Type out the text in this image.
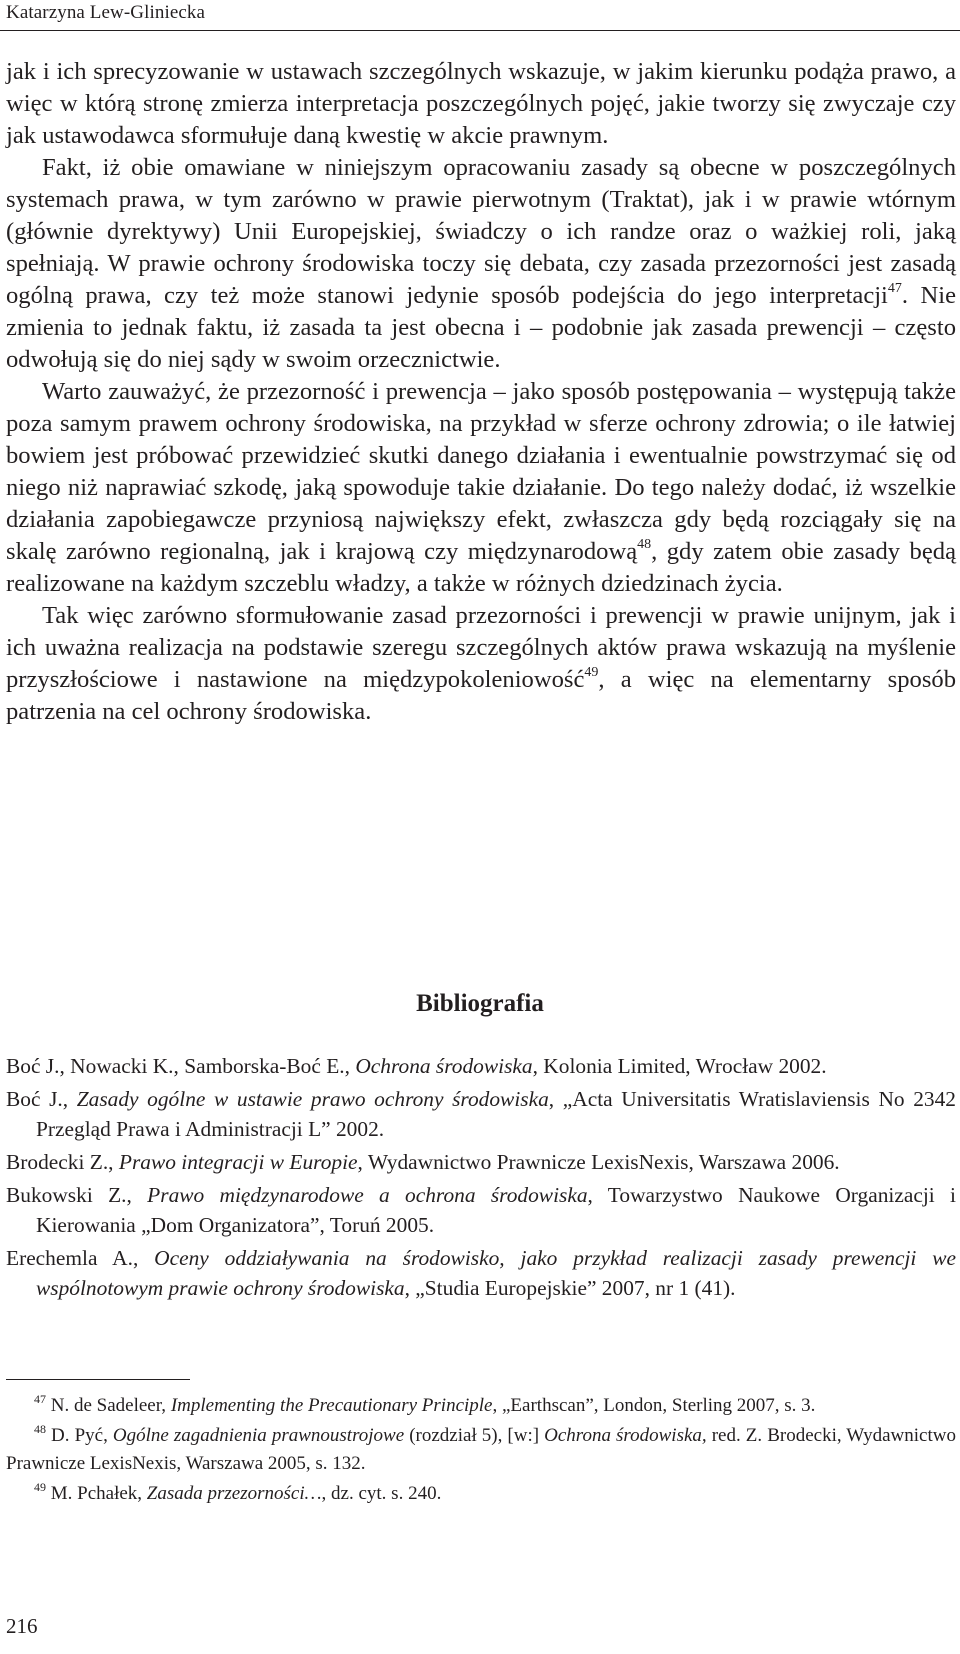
Katarzyna Lew-Gliniecka

jak i ich sprecyzowanie w ustawach szczególnych wskazuje, w jakim kierunku podąża prawo, a więc w którą stronę zmierza interpretacja poszczególnych pojęć, jakie tworzy się zwyczaje czy jak ustawodawca sformułuje daną kwestię w akcie prawnym.

Fakt, iż obie omawiane w niniejszym opracowaniu zasady są obecne w poszczególnych systemach prawa, w tym zarówno w prawie pierwotnym (Traktat), jak i w prawie wtórnym (głównie dyrektywy) Unii Europejskiej, świadczy o ich randze oraz o ważkiej roli, jaką spełniają. W prawie ochrony środowiska toczy się debata, czy zasada przezorności jest zasadą ogólną prawa, czy też może stanowi jedynie sposób podejścia do jego interpretacji$^{47}$. Nie zmienia to jednak faktu, iż zasada ta jest obecna i – podobnie jak zasada prewencji – często odwołują się do niej sądy w swoim orzecznictwie.

Warto zauważyć, że przezorność i prewencja – jako sposób postępowania – występują także poza samym prawem ochrony środowiska, na przykład w sferze ochrony zdrowia; o ile łatwiej bowiem jest próbować przewidzieć skutki danego działania i ewentualnie powstrzymać się od niego niż naprawiać szkodę, jaką spowoduje takie działanie. Do tego należy dodać, iż wszelkie działania zapobiegawcze przyniosą największy efekt, zwłaszcza gdy będą rozciągały się na skalę zarówno regionalną, jak i krajową czy międzynarodową$^{48}$, gdy zatem obie zasady będą realizowane na każdym szczeblu władzy, a także w różnych dziedzinach życia.

Tak więc zarówno sformułowanie zasad przezorności i prewencji w prawie unijnym, jak i ich uważna realizacja na podstawie szeregu szczególnych aktów prawa wskazują na myślenie przyszłościowe i nastawione na międzypokoleniowość$^{49}$, a więc na elementarny sposób patrzenia na cel ochrony środowiska.

Bibliografia
Boć J., Nowacki K., Samborska-Boć E., Ochrona środowiska, Kolonia Limited, Wrocław 2002.
Boć J., Zasady ogólne w ustawie prawo ochrony środowiska, „Acta Universitatis Wratislaviensis No 2342 Przegląd Prawa i Administracji L” 2002.
Brodecki Z., Prawo integracji w Europie, Wydawnictwo Prawnicze LexisNexis, Warszawa 2006.
Bukowski Z., Prawo międzynarodowe a ochrona środowiska, Towarzystwo Naukowe Organizacji i Kierowania „Dom Organizatora”, Toruń 2005.
Erechemla A., Oceny oddziaływania na środowisko, jako przykład realizacji zasady prewencji we wspólnotowym prawie ochrony środowiska, „Studia Europejskie” 2007, nr 1 (41).
$^{47}$ N. de Sadeleer, Implementing the Precautionary Principle, „Earthscan”, London, Sterling 2007, s. 3.
$^{48}$ D. Pyć, Ogólne zagadnienia prawnoustrojowe (rozdział 5), [w:] Ochrona środowiska, red. Z. Brodecki, Wydawnictwo Prawnicze LexisNexis, Warszawa 2005, s. 132.
$^{49}$ M. Pchałek, Zasada przezorności…, dz. cyt. s. 240.
216
